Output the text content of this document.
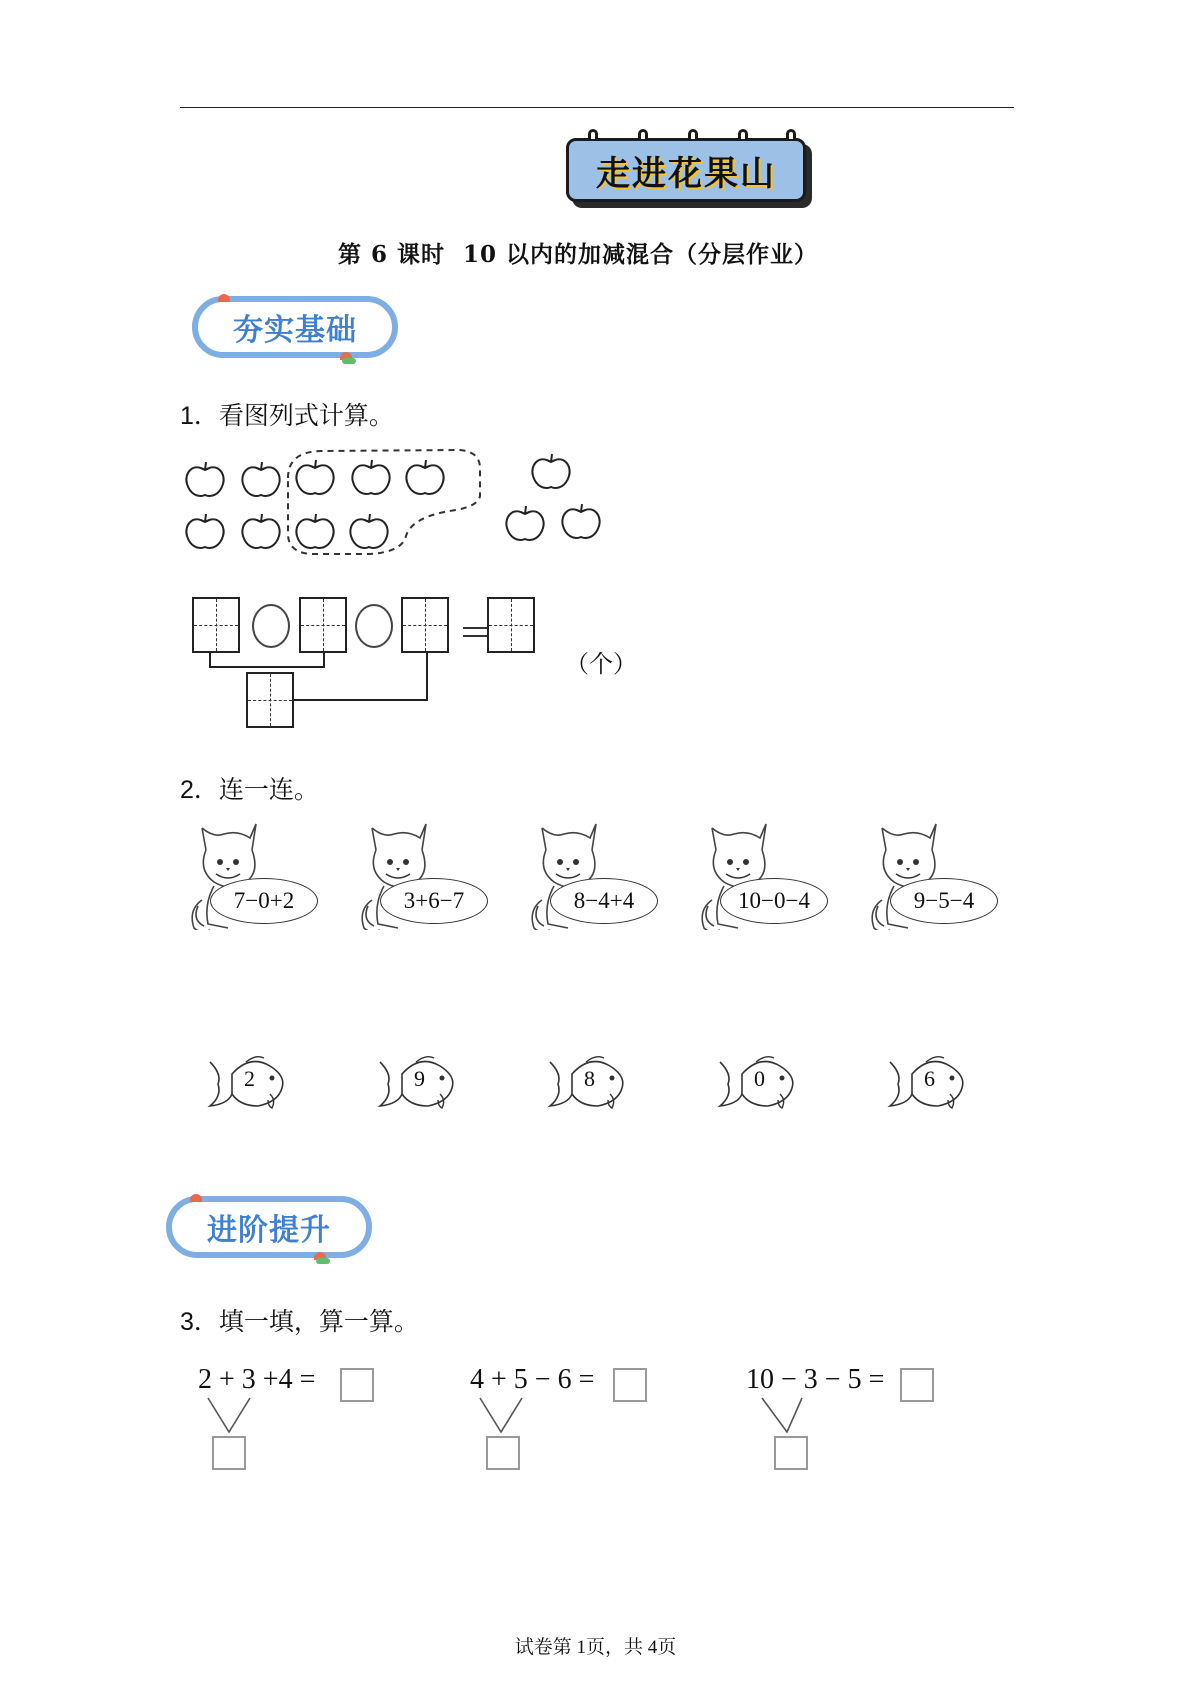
走进花果山
第 6 课时  10 以内的加减混合（分层作业）
夯实基础
1．看图列式计算。
（个）
2．连一连。
7−0+2	3+6−7	8−4+4	10−0−4	9−5−4
2	9	8	0	6
进阶提升
3．填一填，算一算。
2 + 3 +4 =	4 + 5 − 6 =	10 − 3 − 5 =
试卷第 1页，共 4页
